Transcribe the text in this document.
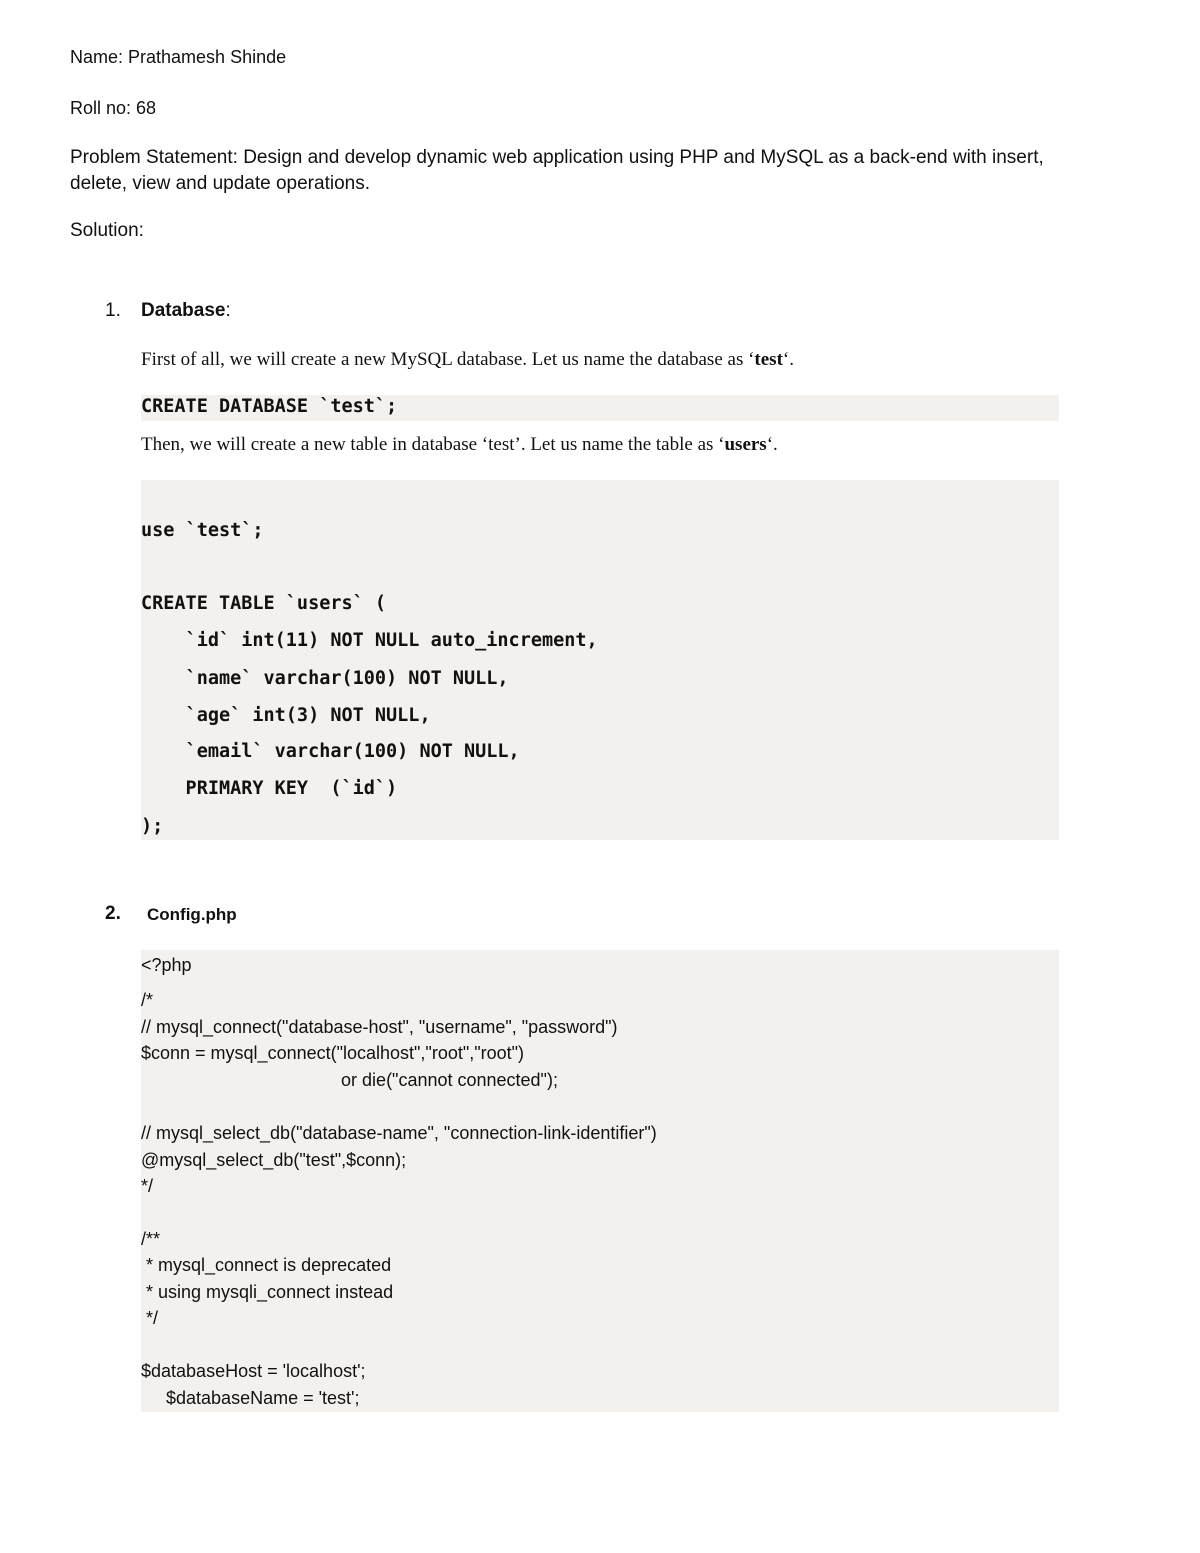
Name: Prathamesh Shinde
Roll no: 68
Problem Statement: Design and develop dynamic web application using PHP and MySQL as a back-end with insert, delete, view and update operations.
Solution:
1. Database:
First of all, we will create a new MySQL database. Let us name the database as ‘test‘.
CREATE DATABASE `test`;
Then, we will create a new table in database ‘test’. Let us name the table as ‘users‘.
use `test`;
CREATE TABLE `users` (
`id` int(11) NOT NULL auto_increment,
`name` varchar(100) NOT NULL,
`age` int(3) NOT NULL,
`email` varchar(100) NOT NULL,
PRIMARY KEY  (`id`)
);
2. Config.php
<?php
/*
// mysql_connect("database-host", "username", "password")
$conn = mysql_connect("localhost","root","root")
or die("cannot connected");
// mysql_select_db("database-name", "connection-link-identifier")
@mysql_select_db("test",$conn);
*/
/**
* mysql_connect is deprecated
* using mysqli_connect instead
*/
$databaseHost = 'localhost';
$databaseName = 'test';
